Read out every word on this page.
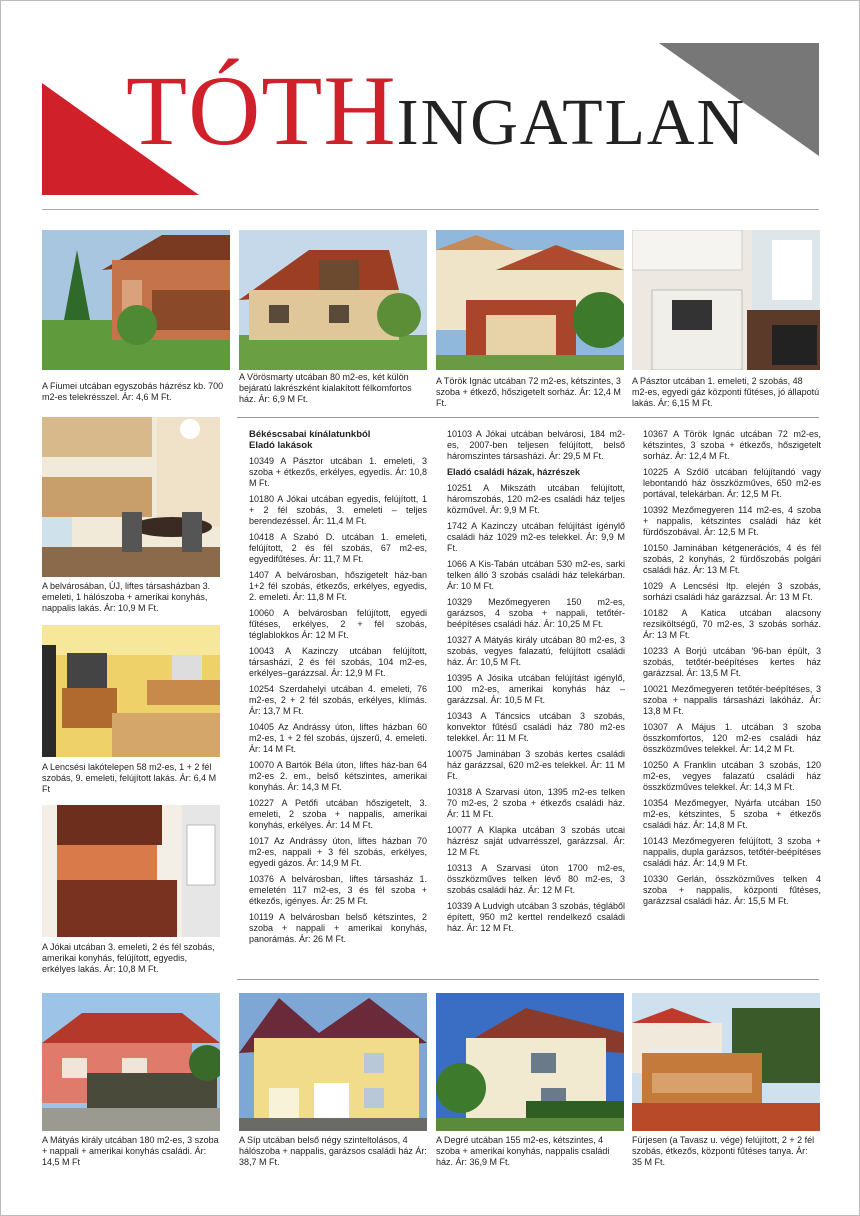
TÓTHINGATLAN
A Fiumei utcában egyszobás házrész kb. 700 m2-es telekrésszel. Ár: 4,6 M Ft.
A Vörösmarty utcában 80 m2-es, két külön bejáratú lakrészként kialakított félkomfortos ház. Ár: 6,9 M Ft.
A Török Ignác utcában 72 m2-es, kétszintes, 3 szoba + étkező, hőszigetelt sorház. Ár: 12,4 M Ft.
A Pásztor utcában 1. emeleti, 2 szobás, 48 m2-es, egyedi gáz központi fűtéses, jó állapotú lakás. Ár: 6,15 M Ft.
A belvárosában, ÚJ, liftes társasházban 3. emeleti, 1 hálószoba + amerikai konyhás, nappalis lakás. Ár: 10,9 M Ft.
A Lencsési lakótelepen 58 m2-es, 1 + 2 fél szobás, 9. emeleti, felújított lakás. Ár: 6,4 M Ft
A Jókai utcában 3. emeleti, 2 és fél szobás, amerikai konyhás, felújított, egyedis, erkélyes lakás. Ár: 10,8 M Ft.
Békéscsabai kínálatunkból
Eladó lakások

10349 A Pásztor utcában 1. emeleti, 3 szoba + étkezős, erkélyes, egyedis. Ár: 10,8 M Ft.

10180 A Jókai utcában egyedis, felújított, 1 + 2 fél szobás, 3. emeleti – teljes berendezéssel. Ár: 11,4 M Ft.

10418 A Szabó D. utcában 1. emeleti, felújított, 2 és fél szobás, 67 m2-es, egyedifűtéses. Ár: 11,7 M Ft.

1407 A belvárosban, hőszigetelt ház-ban 1+2 fél szobás, étkezős, erkélyes, egyedis, 2. emeleti. Ár: 11,8 M Ft.

10060 A belvárosban felújított, egyedi fűtéses, erkélyes, 2 + fél szobás, téglablokkos Ár: 12 M Ft.

10043 A Kazinczy utcában felújított, társasházi, 2 és fél szobás, 104 m2-es, erkélyes–garázzsal. Ár: 12,9 M Ft.

10254 Szerdahelyi utcában 4. emeleti, 76 m2-es, 2 + 2 fél szobás, erkélyes, klímás. Ár: 13,7 M Ft.

10405 Az Andrássy úton, liftes házban 60 m2-es, 1 + 2 fél szobás, újszerű, 4. emeleti. Ár: 14 M Ft.

10070 A Bartók Béla úton, liftes ház-ban 64 m2-es 2. em., belső kétszintes, amerikai konyhás. Ár: 14,3 M Ft.

10227 A Petőfi utcában hőszigetelt, 3. emeleti, 2 szoba + nappalis, amerikai konyhás, erkélyes. Ár: 14 M Ft.

1017 Az Andrássy úton, liftes házban 70 m2-es, nappali + 3 fél szobás, erkélyes, egyedi gázos. Ár: 14,9 M Ft.

10376 A belvárosban, liftes társasház 1. emeletén 117 m2-es, 3 és fél szoba + étkezős, igényes. Ár: 25 M Ft.

10119 A belvárosban belső kétszintes, 2 szoba + nappali + amerikai konyhás, panorámás. Ár: 26 M Ft.

10103 A Jókai utcában belvárosi, 184 m2-es, 2007-ben teljesen felújított, belső háromszintes társasházi. Ár: 29,5 M Ft.

Eladó családi házak, házrészek

10251 A Mikszáth utcában felújított, háromszobás, 120 m2-es családi ház teljes közművel. Ár: 9,9 M Ft.

1742 A Kazinczy utcában felújítást igénylő családi ház 1029 m2-es telekkel. Ár: 9,9 M Ft.

1066 A Kis-Tabán utcában 530 m2-es, sarki telken álló 3 szobás családi ház telekárban. Ár: 10 M Ft.

10329 Mezőmegyeren 150 m2-es, garázsos, 4 szoba + nappali, tetőtér-beépítéses családi ház. Ár: 10,25 M Ft.

10327 A Mátyás király utcában 80 m2-es, 3 szobás, vegyes falazatú, felújított családi ház. Ár: 10,5 M Ft.

10395 A Jósika utcában felújítást igénylő, 100 m2-es, amerikai konyhás ház – garázzsal. Ár: 10,5 M Ft.

10343 A Táncsics utcában 3 szobás, konvektor fűtésű családi ház 780 m2-es telekkel. Ár: 11 M Ft.

10075 Jaminában 3 szobás kertes családi ház garázzsal, 620 m2-es telekkel. Ár: 11 M Ft.

10318 A Szarvasi úton, 1395 m2-es telken 70 m2-es, 2 szoba + étkezős családi ház. Ár: 11 M Ft.

10077 A Klapka utcában 3 szobás utcai házrész saját udvarrésszel, garázzsal. Ár: 12 M Ft.

10313 A Szarvasi úton 1700 m2-es, összközműves telken lévő 80 m2-es, 3 szobás családi ház. Ár: 12 M Ft.

10339 A Ludvigh utcában 3 szobás, tégláből épített, 950 m2 kerttel rendelkező családi ház. Ár: 12 M Ft.

10367 A Török Ignác utcában 72 m2-es, kétszintes, 3 szoba + étkezős, hőszigetelt sorház. Ár: 12,4 M Ft.

10225 A Szőlő utcában felújítandó vagy lebontandó ház összközműves, 650 m2-es portával, telekárban. Ár: 12,5 M Ft.

10392 Mezőmegyeren 114 m2-es, 4 szoba + nappalis, kétszintes családi ház két fürdőszobával. Ár: 12,5 M Ft.

10150 Jaminában kétgenerációs, 4 és fél szobás, 2 konyhás, 2 fürdőszobás polgári családi ház. Ár: 13 M Ft.

1029 A Lencsési ltp. elején 3 szobás, sorházi családi ház garázzsal. Ár: 13 M Ft.

10182 A Katica utcában alacsony rezsiköltségű, 70 m2-es, 3 szobás sorház. Ár: 13 M Ft.

10233 A Borjú utcában '96-ban épült, 3 szobás, tetőtér-beépítéses kertes ház garázzsal. Ár: 13,5 M Ft.

10021 Mezőmegyeren tetőtér-beépítéses, 3 szoba + nappalis társasházi lakóház. Ár: 13,8 M Ft.

10307 A Május 1. utcában 3 szoba összkomfortos, 120 m2-es családi ház összközműves telekkel. Ár: 14,2 M Ft.

10250 A Franklin utcában 3 szobás, 120 m2-es, vegyes falazatú családi ház összközműves telekkel. Ár: 14,3 M Ft.

10354 Mezőmegyer, Nyárfa utcában 150 m2-es, kétszintes, 5 szoba + étkezős családi ház. Ár: 14,8 M Ft.

10143 Mezőmegyeren felújított, 3 szoba + nappalis, dupla garázsos, tetőtér-beépítéses családi ház. Ár: 14,9 M Ft.

10330 Gerlán, összközműves telken 4 szoba + nappalis, központi fűtéses, garázzsal családi ház. Ár: 15,5 M Ft.

A Mátyás király utcában 180 m2-es, 3 szoba + nappali + amerikai konyhás családi. Ár: 14,5 M Ft
A Síp utcában belső négy szinteltolásos, 4 hálószoba + nappalis, garázsos családi ház Ár: 38,7 M Ft.
A Degré utcában 155 m2-es, kétszintes, 4 szoba + amerikai konyhás, nappalis családi ház. Ár: 36,9 M Ft.
Fürjesen (a Tavasz u. vége) felújított, 2 + 2 fél szobás, étkezős, központi fűtéses tanya. Ár: 35 M Ft.
